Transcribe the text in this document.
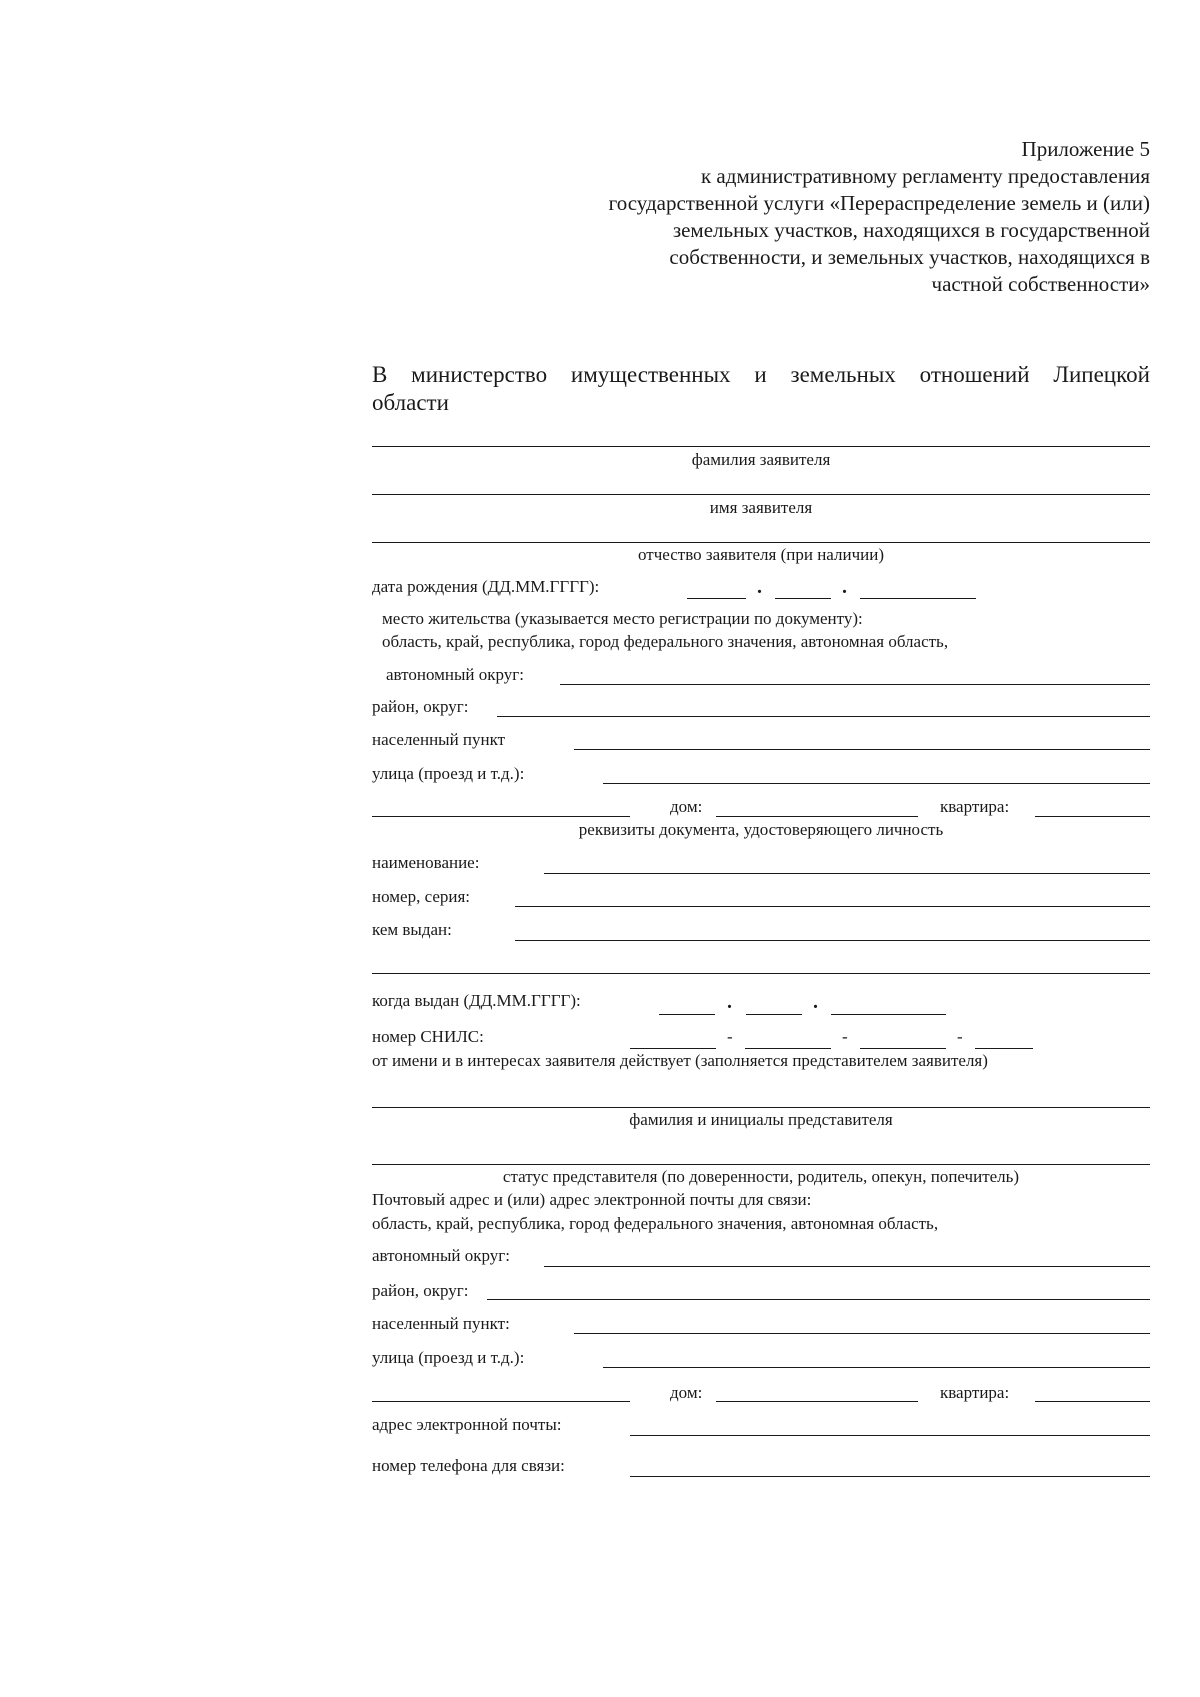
Приложение 5
к административному регламенту предоставления
государственной услуги «Перераспределение земель и (или)
земельных участков, находящихся в государственной
собственности, и земельных участков, находящихся в
частной собственности»
В министерство имущественных и земельных отношений Липецкой
области
фамилия заявителя
имя заявителя
отчество заявителя (при наличии)
дата рождения (ДД.ММ.ГГГГ):	.	.
место жительства (указывается место регистрации по документу):
область, край, республика, город федерального значения, автономная область,
автономный округ:
район, округ:
населенный пункт
улица (проезд и т.д.):
дом:	квартира:
реквизиты документа, удостоверяющего личность
наименование:
номер, серия:
кем выдан:
когда выдан (ДД.ММ.ГГГГ):	.	.
номер СНИЛС:	-	-	-
от имени и в интересах заявителя действует (заполняется представителем заявителя)
фамилия и инициалы представителя
статус представителя (по доверенности, родитель, опекун, попечитель)
Почтовый адрес и (или) адрес электронной почты для связи:
область, край, республика, город федерального значения, автономная область,
автономный округ:
район, округ:
населенный пункт:
улица (проезд и т.д.):
дом:	квартира:
адрес электронной почты:
номер телефона для связи:
